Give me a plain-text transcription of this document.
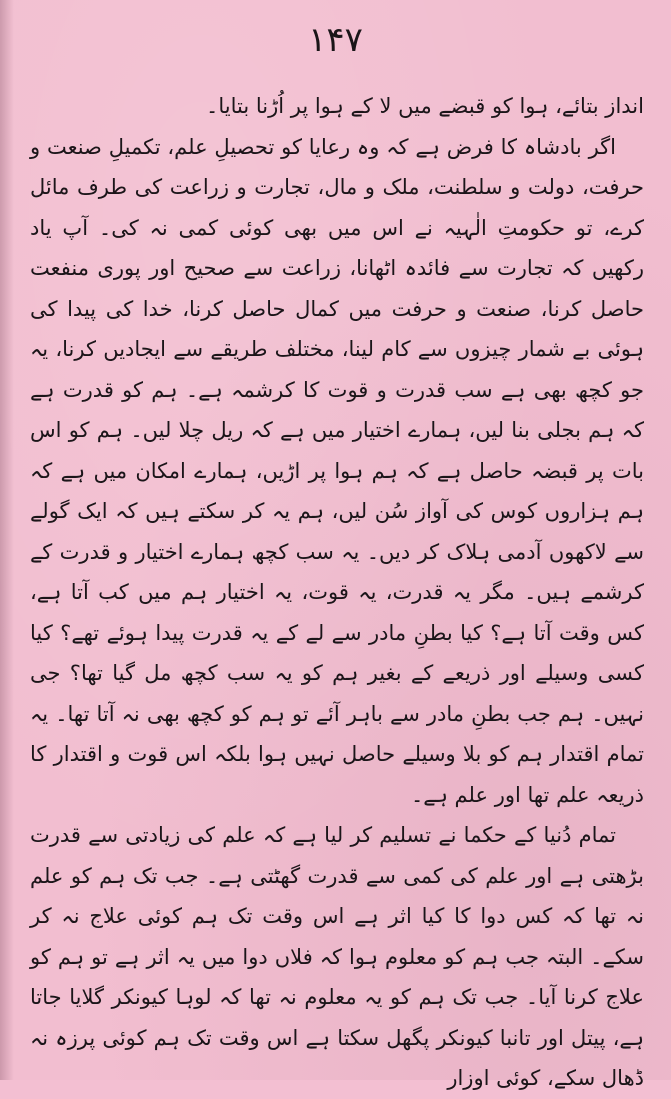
۱۴۷

انداز بتائے، ہوا کو قبضے میں لا کے ہوا پر اُڑنا بتایا۔

اگر بادشاہ کا فرض ہے کہ وہ رعایا کو تحصیلِ علم، تکمیلِ صنعت و حرفت، دولت و سلطنت، ملک و مال، تجارت و زراعت کی طرف مائل کرے، تو حکومتِ الٰہیہ نے اس میں بھی کوئی کمی نہ کی۔ آپ یاد رکھیں کہ تجارت سے فائدہ اٹھانا، زراعت سے صحیح اور پوری منفعت حاصل کرنا، صنعت و حرفت میں کمال حاصل کرنا، خدا کی پیدا کی ہوئی بے شمار چیزوں سے کام لینا، مختلف طریقے سے ایجادیں کرنا، یہ جو کچھ بھی ہے سب قدرت و قوت کا کرشمہ ہے۔ ہم کو قدرت ہے کہ ہم بجلی بنا لیں، ہمارے اختیار میں ہے کہ ریل چلا لیں۔ ہم کو اس بات پر قبضہ حاصل ہے کہ ہم ہوا پر اڑیں، ہمارے امکان میں ہے کہ ہم ہزاروں کوس کی آواز سُن لیں، ہم یہ کر سکتے ہیں کہ ایک گولے سے لاکھوں آدمی ہلاک کر دیں۔ یہ سب کچھ ہمارے اختیار و قدرت کے کرشمے ہیں۔ مگر یہ قدرت، یہ قوت، یہ اختیار ہم میں کب آتا ہے، کس وقت آتا ہے؟ کیا بطنِ مادر سے لے کے یہ قدرت پیدا ہوئے تھے؟ کیا کسی وسیلے اور ذریعے کے بغیر ہم کو یہ سب کچھ مل گیا تھا؟ جی نہیں۔ ہم جب بطنِ مادر سے باہر آئے تو ہم کو کچھ بھی نہ آتا تھا۔ یہ تمام اقتدار ہم کو بلا وسیلے حاصل نہیں ہوا بلکہ اس قوت و اقتدار کا ذریعہ علم تھا اور علم ہے۔

تمام دُنیا کے حکما نے تسلیم کر لیا ہے کہ علم کی زیادتی سے قدرت بڑھتی ہے اور علم کی کمی سے قدرت گھٹتی ہے۔ جب تک ہم کو علم نہ تھا کہ کس دوا کا کیا اثر ہے اس وقت تک ہم کوئی علاج نہ کر سکے۔ البتہ جب ہم کو معلوم ہوا کہ فلاں دوا میں یہ اثر ہے تو ہم کو علاج کرنا آیا۔ جب تک ہم کو یہ معلوم نہ تھا کہ لوہا کیونکر گلایا جاتا ہے، پیتل اور تانبا کیونکر پگھل سکتا ہے اس وقت تک ہم کوئی پرزہ نہ ڈھال سکے، کوئی اوزار
